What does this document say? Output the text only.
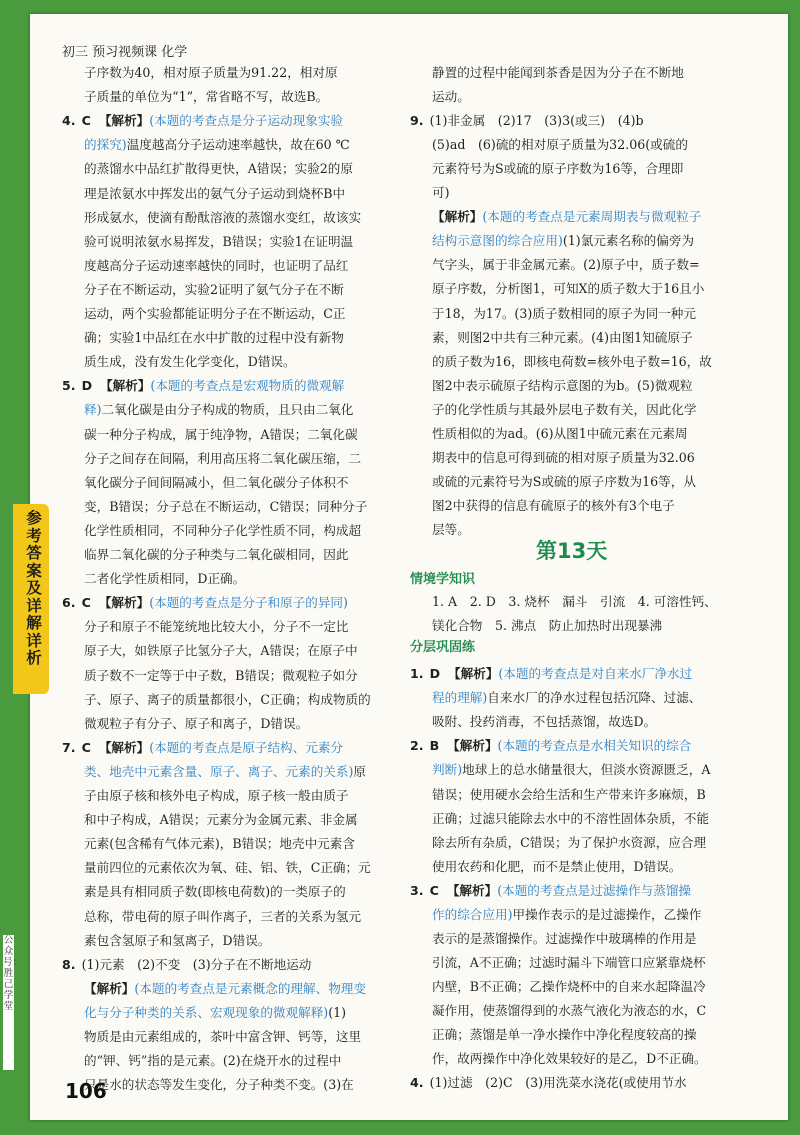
初三 预习视频课 化学
参考答案及详解详析
公众号：胜己学堂
子序数为40，相对原子质量为91.22，相对原
子质量的单位为“1”，常省略不写，故选B。
4. C 【解析】(本题的考查点是分子运动现象实验
的探究)温度越高分子运动速率越快，故在60 ℃
的蒸馏水中品红扩散得更快，A错误；实验2的原
理是浓氨水中挥发出的氨气分子运动到烧杯B中
形成氨水，使滴有酚酞溶液的蒸馏水变红，故该实
验可说明浓氨水易挥发，B错误；实验1在证明温
度越高分子运动速率越快的同时，也证明了品红
分子在不断运动，实验2证明了氨气分子在不断
运动，两个实验都能证明分子在不断运动，C正
确；实验1中品红在水中扩散的过程中没有新物
质生成，没有发生化学变化，D错误。
5. D 【解析】(本题的考查点是宏观物质的微观解
释)二氧化碳是由分子构成的物质，且只由二氧化
碳一种分子构成，属于纯净物，A错误；二氧化碳
分子之间存在间隔，利用高压将二氧化碳压缩，二
氧化碳分子间间隔减小，但二氧化碳分子体积不
变，B错误；分子总在不断运动，C错误；同种分子
化学性质相同，不同种分子化学性质不同，构成超
临界二氧化碳的分子种类与二氧化碳相同，因此
二者化学性质相同，D正确。
6. C 【解析】(本题的考查点是分子和原子的异同)
分子和原子不能笼统地比较大小，分子不一定比
原子大，如铁原子比氢分子大，A错误；在原子中
质子数不一定等于中子数，B错误；微观粒子如分
子、原子、离子的质量都很小，C正确；构成物质的
微观粒子有分子、原子和离子，D错误。
7. C 【解析】(本题的考查点是原子结构、元素分
类、地壳中元素含量、原子、离子、元素的关系)原
子由原子核和核外电子构成，原子核一般由质子
和中子构成，A错误；元素分为金属元素、非金属
元素(包含稀有气体元素)，B错误；地壳中元素含
量前四位的元素依次为氧、硅、铝、铁，C正确；元
素是具有相同质子数(即核电荷数)的一类原子的
总称，带电荷的原子叫作离子，三者的关系为氢元
素包含氢原子和氢离子，D错误。
8. (1)元素　(2)不变　(3)分子在不断地运动
【解析】(本题的考查点是元素概念的理解、物理变
化与分子种类的关系、宏观现象的微观解释)(1)
物质是由元素组成的，茶叶中富含钾、钙等，这里
的“钾、钙”指的是元素。(2)在烧开水的过程中
只是水的状态等发生变化，分子种类不变。(3)在
静置的过程中能闻到茶香是因为分子在不断地
运动。
9. (1)非金属　(2)17　(3)3(或三)　(4)b
(5)ad　(6)硫的相对原子质量为32.06(或硫的
元素符号为S或硫的原子序数为16等，合理即
可)
【解析】(本题的考查点是元素周期表与微观粒子
结构示意图的综合应用)(1)氯元素名称的偏旁为
气字头，属于非金属元素。(2)原子中，质子数=
原子序数，分析图1，可知X的质子数大于16且小
于18，为17。(3)质子数相同的原子为同一种元
素，则图2中共有三种元素。(4)由图1知硫原子
的质子数为16，即核电荷数=核外电子数=16，故
图2中表示硫原子结构示意图的为b。(5)微观粒
子的化学性质与其最外层电子数有关，因此化学
性质相似的为ad。(6)从图1中硫元素在元素周
期表中的信息可得到硫的相对原子质量为32.06
或硫的元素符号为S或硫的原子序数为16等，从
图2中获得的信息有硫原子的核外有3个电子
层等。
1. A　2. D　3. 烧杯　漏斗　引流　4. 可溶性钙、
镁化合物　5. 沸点　防止加热时出现暴沸
1. D 【解析】(本题的考查点是对自来水厂净水过
程的理解)自来水厂的净水过程包括沉降、过滤、
吸附、投药消毒，不包括蒸馏，故选D。
2. B 【解析】(本题的考查点是水相关知识的综合
判断)地球上的总水储量很大，但淡水资源匮乏，A
错误；使用硬水会给生活和生产带来许多麻烦，B
正确；过滤只能除去水中的不溶性固体杂质，不能
除去所有杂质，C错误；为了保护水资源，应合理
使用农药和化肥，而不是禁止使用，D错误。
3. C 【解析】(本题的考查点是过滤操作与蒸馏操
作的综合应用)甲操作表示的是过滤操作，乙操作
表示的是蒸馏操作。过滤操作中玻璃棒的作用是
引流，A不正确；过滤时漏斗下端管口应紧靠烧杯
内壁，B不正确；乙操作烧杯中的自来水起降温冷
凝作用，使蒸馏得到的水蒸气液化为液态的水，C
正确；蒸馏是单一净水操作中净化程度较高的操
作，故两操作中净化效果较好的是乙，D不正确。
4. (1)过滤　(2)C　(3)用洗菜水浇花(或使用节水
第13天
情境学知识
分层巩固练
106
